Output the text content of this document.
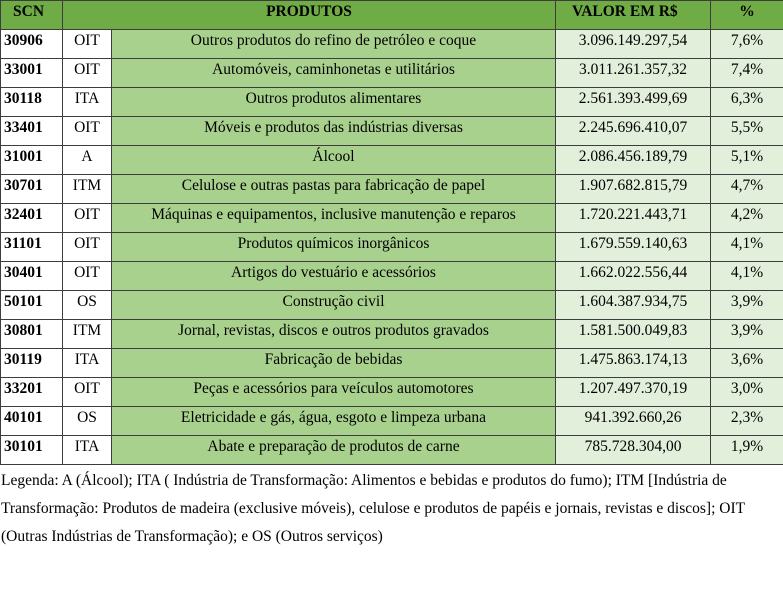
SCN	PRODUTOS		VALOR EM R$	%
30906	OIT	Outros produtos do refino de petróleo e coque	3.096.149.297,54	7,6%
33001	OIT	Automóveis, caminhonetas e utilitários	3.011.261.357,32	7,4%
30118	ITA	Outros produtos alimentares	2.561.393.499,69	6,3%
33401	OIT	Móveis e produtos das indústrias diversas	2.245.696.410,07	5,5%
31001	A	Álcool	2.086.456.189,79	5,1%
30701	ITM	Celulose e outras pastas para fabricação de papel	1.907.682.815,79	4,7%
32401	OIT	Máquinas e equipamentos, inclusive manutenção e reparos	1.720.221.443,71	4,2%
31101	OIT	Produtos químicos inorgânicos	1.679.559.140,63	4,1%
30401	OIT	Artigos do vestuário e acessórios	1.662.022.556,44	4,1%
50101	OS	Construção civil	1.604.387.934,75	3,9%
30801	ITM	Jornal, revistas, discos e outros produtos gravados	1.581.500.049,83	3,9%
30119	ITA	Fabricação de bebidas	1.475.863.174,13	3,6%
33201	OIT	Peças e acessórios para veículos automotores	1.207.497.370,19	3,0%
40101	OS	Eletricidade e gás, água, esgoto e limpeza urbana	941.392.660,26	2,3%
30101	ITA	Abate e preparação de produtos de carne	785.728.304,00	1,9%
Legenda: A (Álcool); ITA ( Indústria de Transformação: Alimentos e bebidas e produtos do fumo); ITM [Indústria de Transformação: Produtos de madeira (exclusive móveis), celulose e produtos de papéis e jornais, revistas e discos]; OIT (Outras Indústrias de Transformação); e OS (Outros serviços)
